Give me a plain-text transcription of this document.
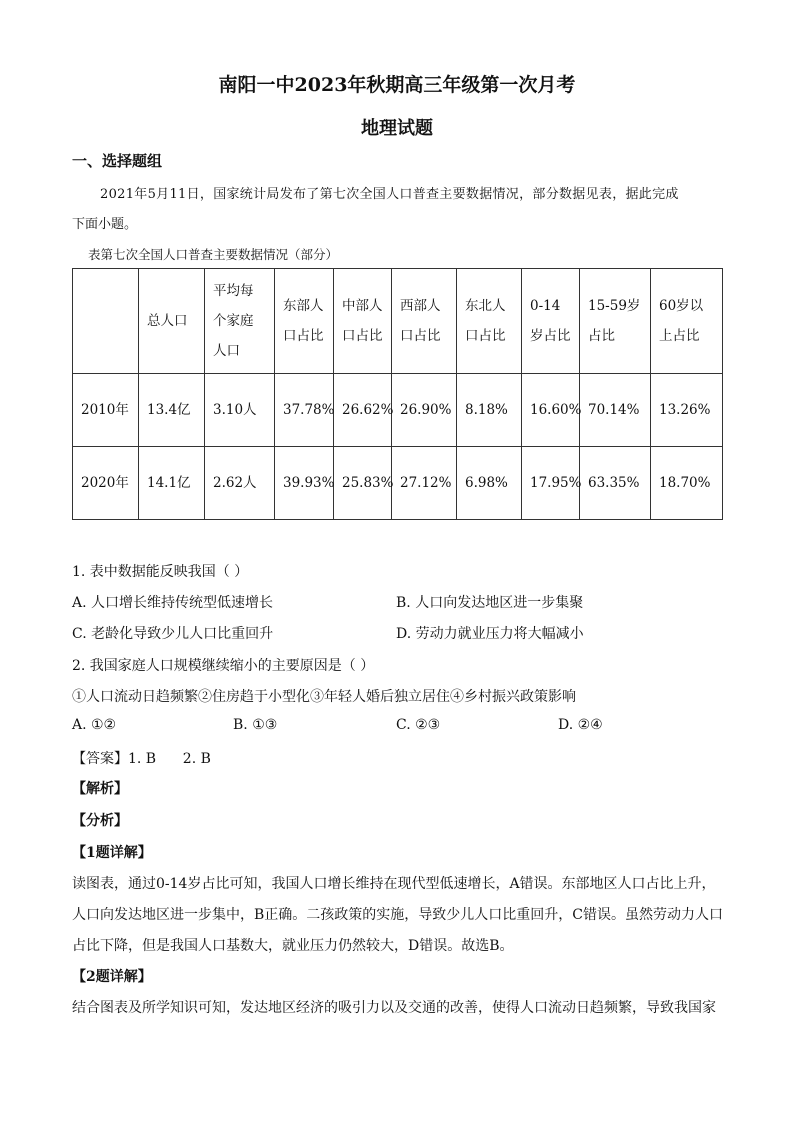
南阳一中2023年秋期高三年级第一次月考
地理试题
一、选择题组
2021年5月11日，国家统计局发布了第七次全国人口普查主要数据情况，部分数据见表，据此完成
下面小题。
表第七次全国人口普查主要数据情况（部分）
	总人口	平均每个家庭人口	东部人口占比	中部人口占比	西部人口占比	东北人口占比	0-14岁占比	15-59岁占比	60岁以上占比
2010年	13.4亿	3.10人	37.78%	26.62%	26.90%	8.18%	16.60%	70.14%	13.26%
2020年	14.1亿	2.62人	39.93%	25.83%	27.12%	6.98%	17.95%	63.35%	18.70%
1. 表中数据能反映我国（ ）
A. 人口增长维持传统型低速增长	B. 人口向发达地区进一步集聚
C. 老龄化导致少儿人口比重回升	D. 劳动力就业压力将大幅减小
2. 我国家庭人口规模继续缩小的主要原因是（ ）
①人口流动日趋频繁②住房趋于小型化③年轻人婚后独立居住④乡村振兴政策影响
A. ①②	B. ①③	C. ②③	D. ②④
【答案】1. B      2. B
【解析】
【分析】
【1题详解】
读图表，通过0-14岁占比可知，我国人口增长维持在现代型低速增长，A错误。东部地区人口占比上升，
人口向发达地区进一步集中，B正确。二孩政策的实施，导致少儿人口比重回升，C错误。虽然劳动力人口
占比下降，但是我国人口基数大，就业压力仍然较大，D错误。故选B。
【2题详解】
结合图表及所学知识可知，发达地区经济的吸引力以及交通的改善，使得人口流动日趋频繁，导致我国家
